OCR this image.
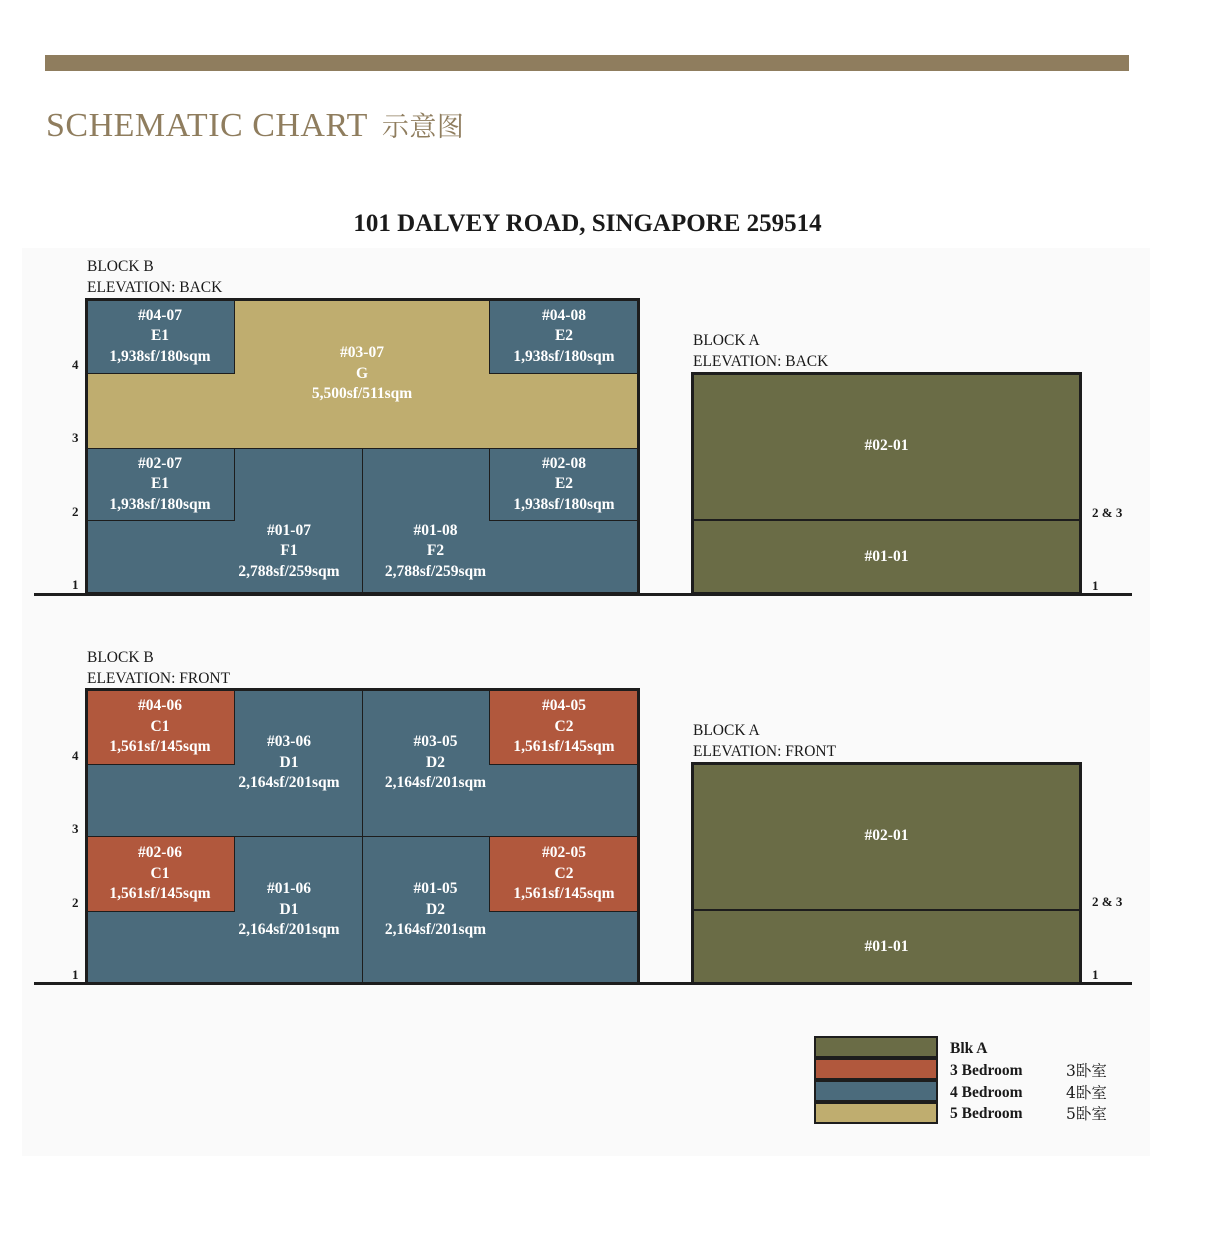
SCHEMATIC CHART 示意图
101 DALVEY ROAD, SINGAPORE 259514
BLOCK B
ELEVATION: BACK
4
3
2
1
#03-07
G
5,500sf/511sqm
#04-07
E1
1,938sf/180sqm
#04-08
E2
1,938sf/180sqm
#01-07
F1
2,788sf/259sqm
#01-08
F2
2,788sf/259sqm
#02-07
E1
1,938sf/180sqm
#02-08
E2
1,938sf/180sqm
BLOCK A
ELEVATION: BACK
#02-01
#01-01
2 & 3
1
BLOCK B
ELEVATION: FRONT
4
3
2
1
#03-06
D1
2,164sf/201sqm
#03-05
D2
2,164sf/201sqm
#04-06
C1
1,561sf/145sqm
#04-05
C2
1,561sf/145sqm
#01-06
D1
2,164sf/201sqm
#01-05
D2
2,164sf/201sqm
#02-06
C1
1,561sf/145sqm
#02-05
C2
1,561sf/145sqm
BLOCK A
ELEVATION: FRONT
#02-01
#01-01
2 & 3
1
Blk A
3 Bedroom
4 Bedroom
5 Bedroom
3卧室
4卧室
5卧室
